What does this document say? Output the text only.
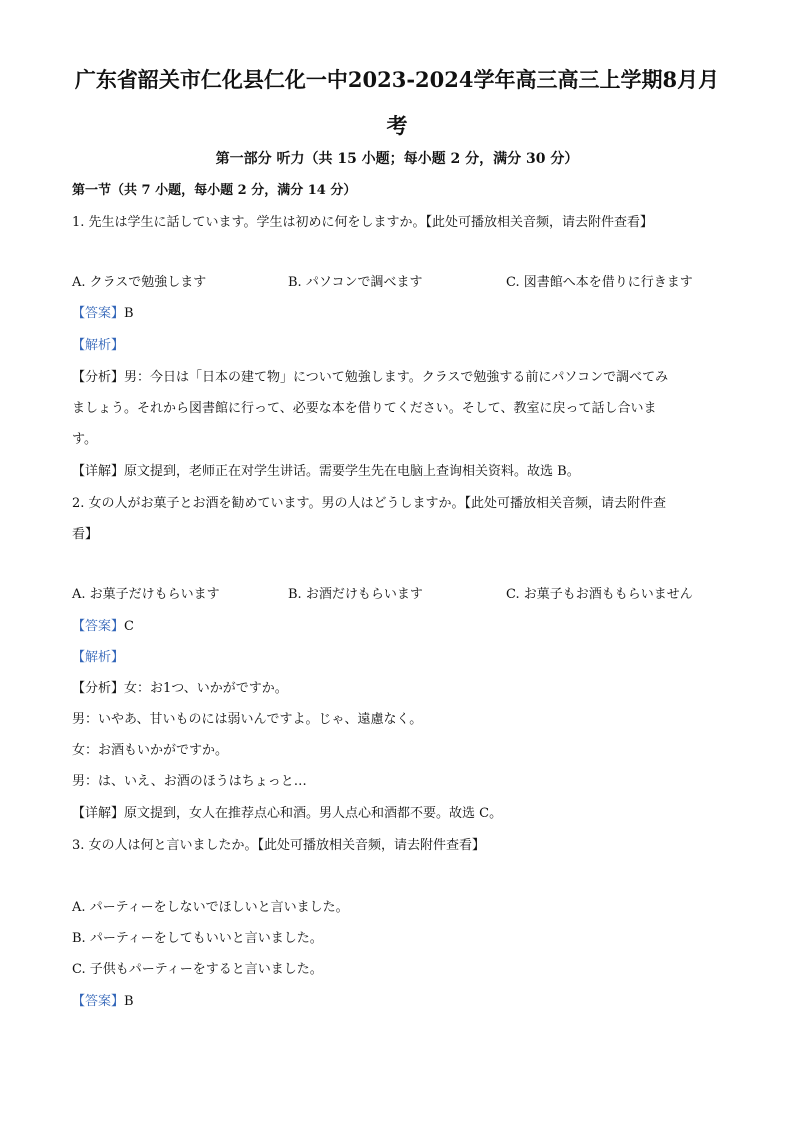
广东省韶关市仁化县仁化一中2023-2024学年高三高三上学期8月月
考
第一部分 听力（共 15 小题；每小题 2 分，满分 30 分）
第一节（共 7 小题，每小题 2 分，满分 14 分）
1. 先生は学生に話しています。学生は初めに何をしますか。【此处可播放相关音频，请去附件查看】
A. クラスで勉強します	B. パソコンで調べます	C. 図書館へ本を借りに行きます
【答案】B
【解析】
【分析】男：今日は「日本の建て物」について勉強します。クラスで勉強する前にパソコンで調べてみ
ましょう。それから図書館に行って、必要な本を借りてください。そして、教室に戻って話し合いま
す。
【详解】原文提到，老师正在对学生讲话。需要学生先在电脑上查询相关资料。故选 B。
2. 女の人がお菓子とお酒を勧めています。男の人はどうしますか。【此处可播放相关音频，请去附件查
看】
A. お菓子だけもらいます	B. お酒だけもらいます	C. お菓子もお酒ももらいません
【答案】C
【解析】
【分析】女：お1つ、いかがですか。
男：いやあ、甘いものには弱いんですよ。じゃ、遠慮なく。
女：お酒もいかがですか。
男：は、いえ、お酒のほうはちょっと…
【详解】原文提到，女人在推荐点心和酒。男人点心和酒都不要。故选 C。
3. 女の人は何と言いましたか。【此处可播放相关音频，请去附件查看】
A. パーティーをしないでほしいと言いました。
B. パーティーをしてもいいと言いました。
C. 子供もパーティーをすると言いました。
【答案】B
